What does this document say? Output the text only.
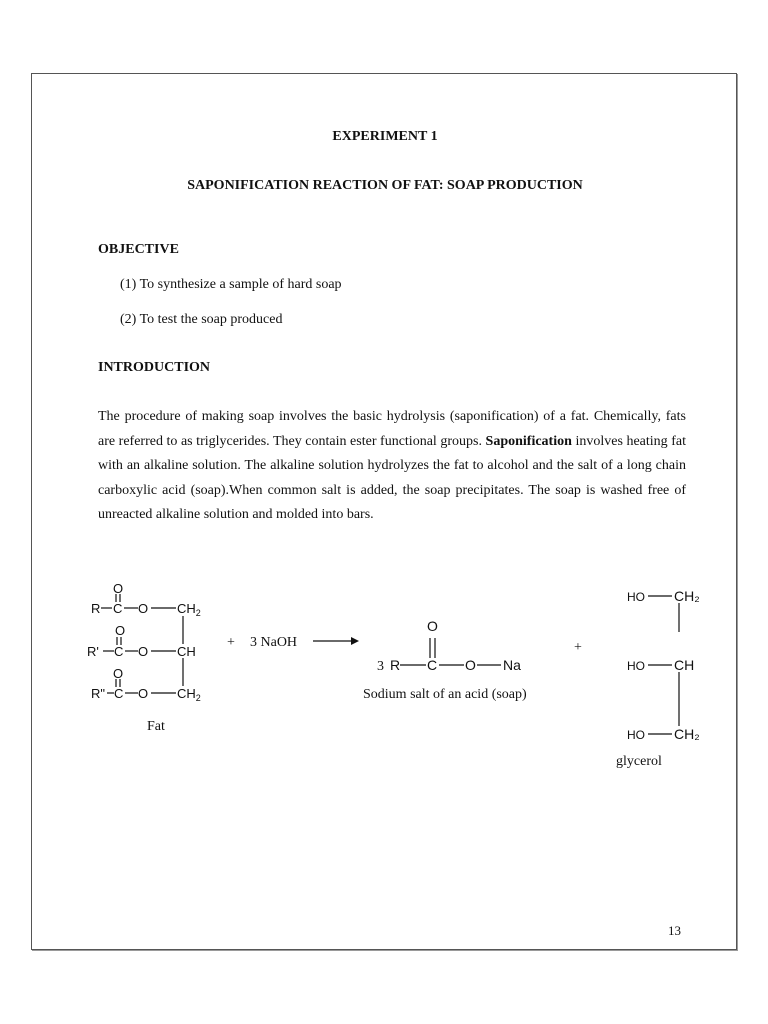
EXPERIMENT 1
SAPONIFICATION REACTION OF FAT: SOAP PRODUCTION
OBJECTIVE
(1) To synthesize a sample of hard soap
(2) To test the soap produced
INTRODUCTION

The procedure of making soap involves the basic hydrolysis (saponification) of a fat. Chemically, fats are referred to as triglycerides. They contain ester functional groups. Saponification involves heating fat with an alkaline solution. The alkaline solution hydrolyzes the fat to alcohol and the salt of a long chain carboxylic acid (soap).When common salt is added, the soap precipitates. The soap is washed free of unreacted alkaline solution and molded into bars.

O
R C O $CH_2$
O
R' C O CH
O
R" C O $CH_2$
Fat
+ 3 NaOH
O
3 R C O Na
Sodium salt of an acid (soap)
+
HO CH₂
HO CH
HO CH₂
glycerol
13
